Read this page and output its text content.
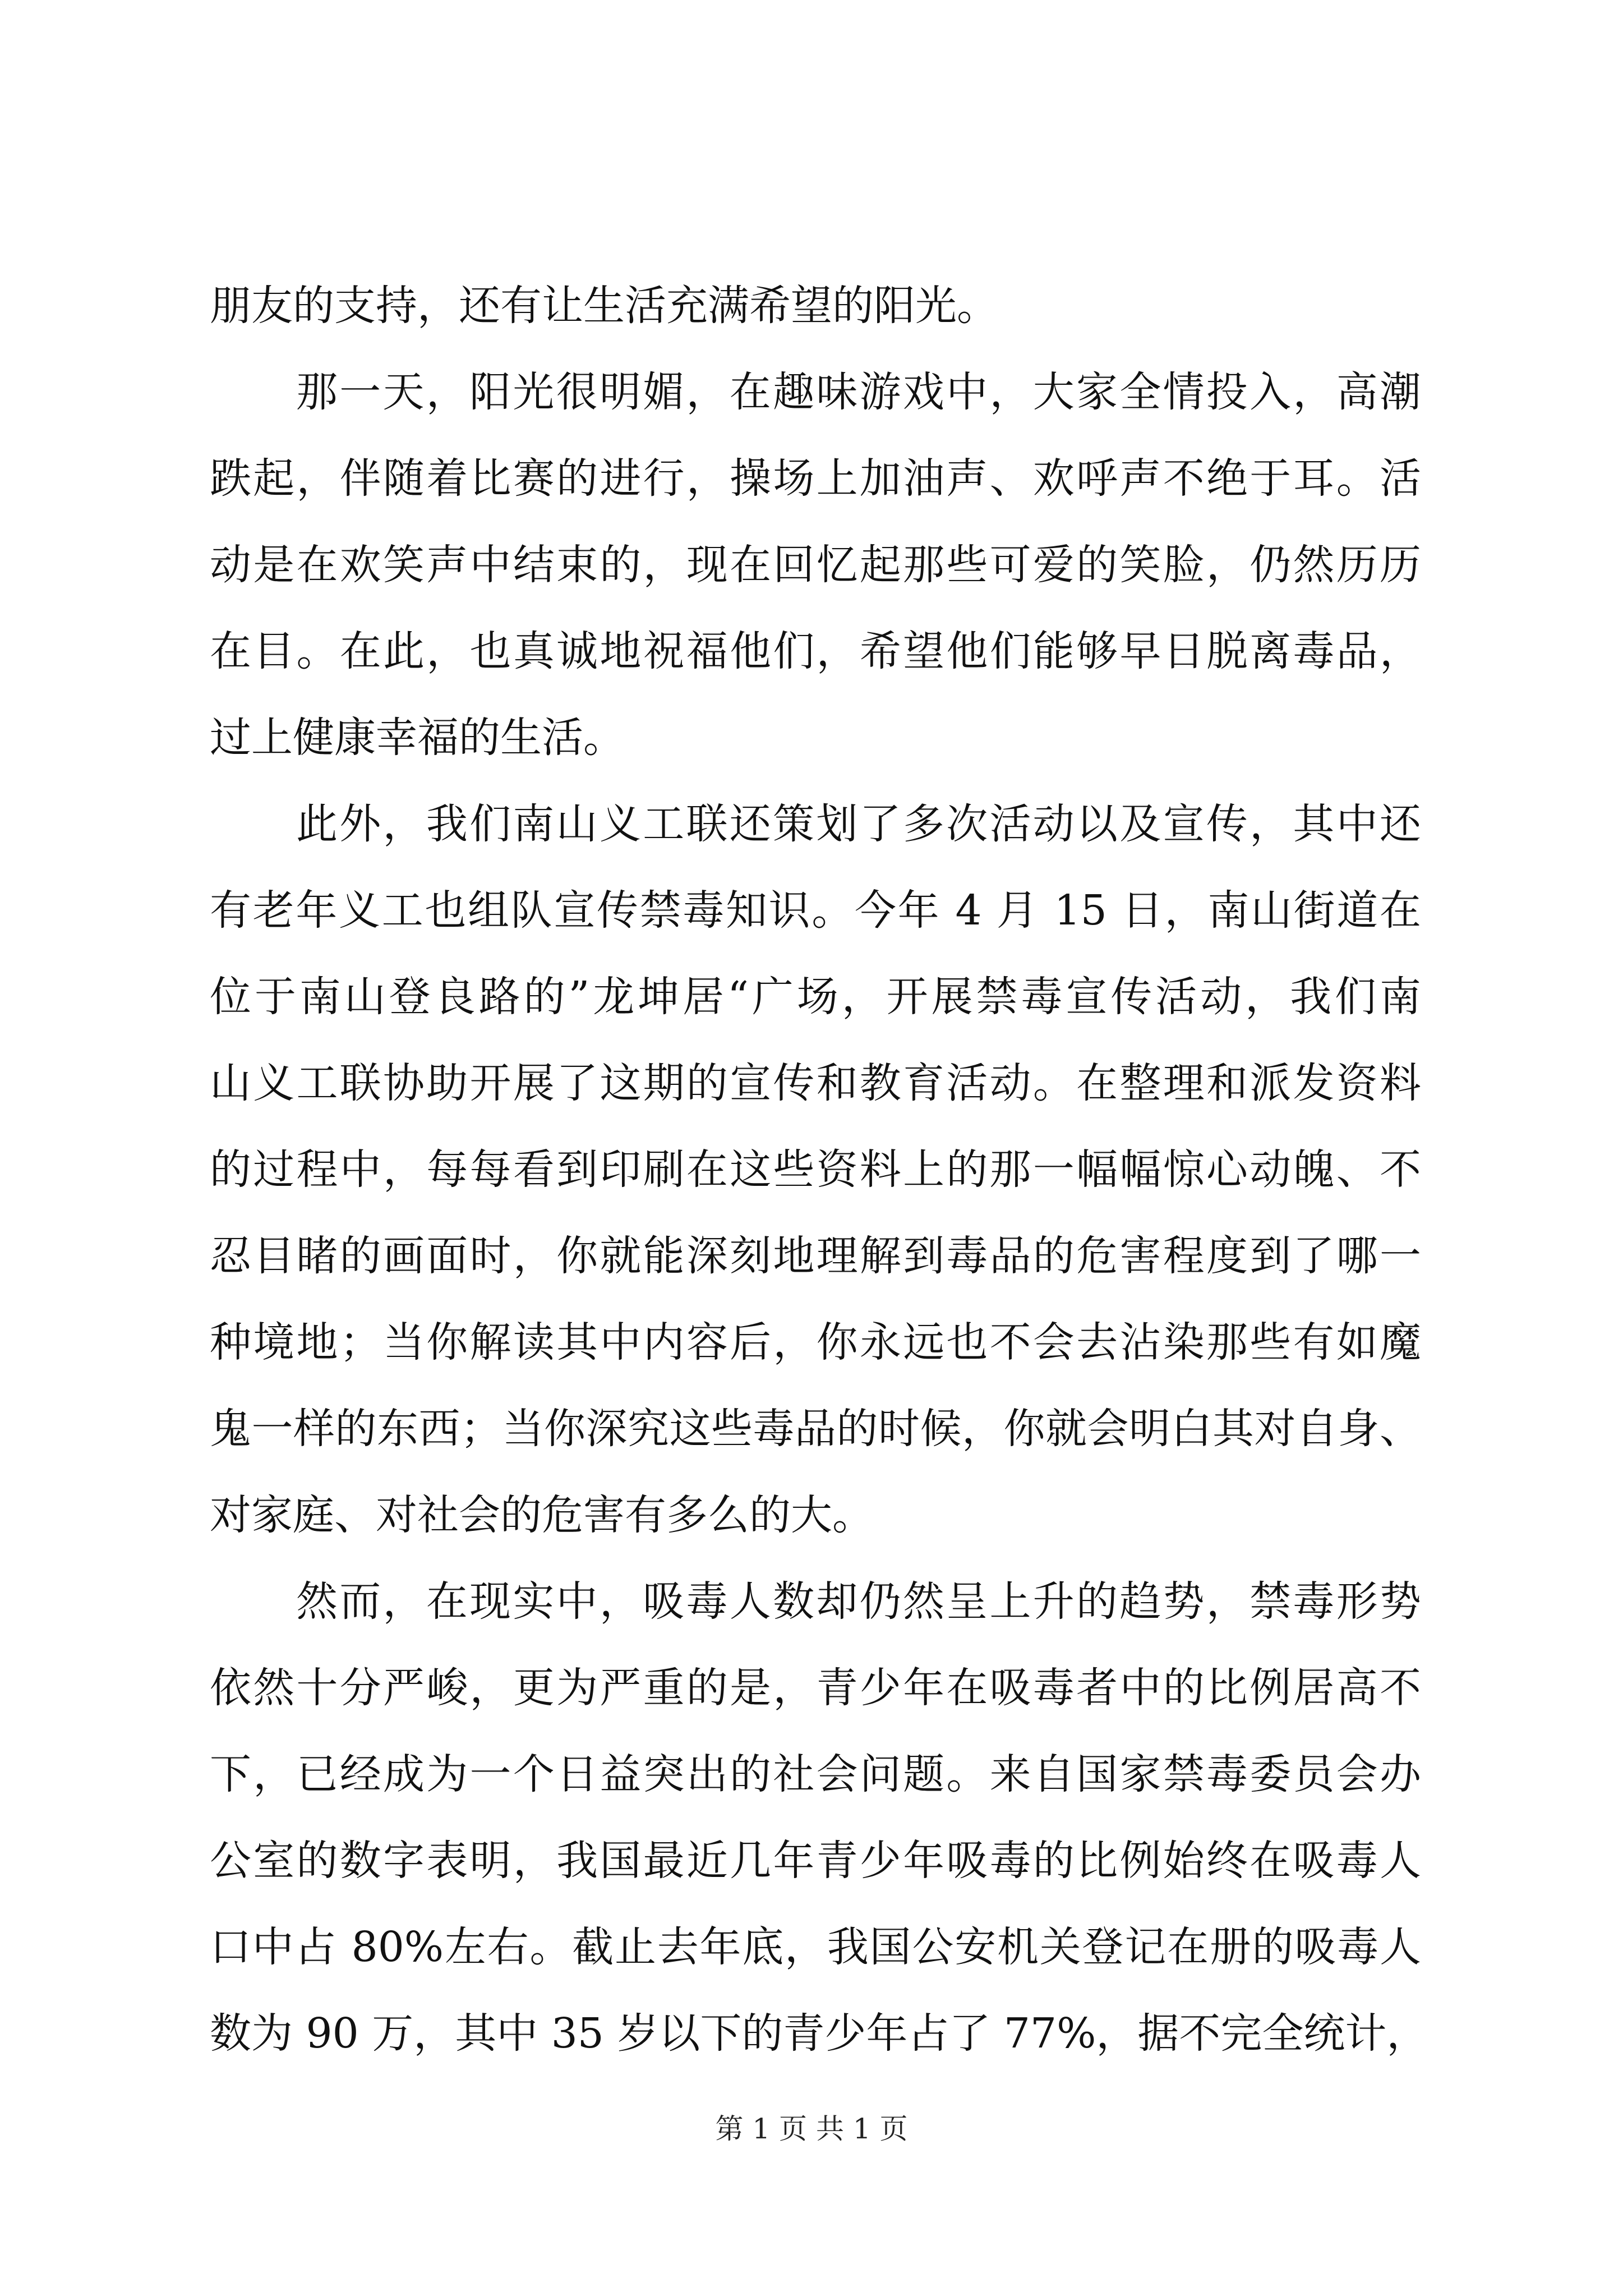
朋友的支持，还有让生活充满希望的阳光。
那一天，阳光很明媚，在趣味游戏中，大家全情投入，高潮
跌起，伴随着比赛的进行，操场上加油声、欢呼声不绝于耳。活
动是在欢笑声中结束的，现在回忆起那些可爱的笑脸，仍然历历
在目。在此，也真诚地祝福他们，希望他们能够早日脱离毒品，
过上健康幸福的生活。
此外，我们南山义工联还策划了多次活动以及宣传，其中还
有老年义工也组队宣传禁毒知识。今年 4 月 15 日，南山街道在
位于南山登良路的”龙坤居“广场，开展禁毒宣传活动，我们南
山义工联协助开展了这期的宣传和教育活动。在整理和派发资料
的过程中，每每看到印刷在这些资料上的那一幅幅惊心动魄、不
忍目睹的画面时，你就能深刻地理解到毒品的危害程度到了哪一
种境地；当你解读其中内容后，你永远也不会去沾染那些有如魔
鬼一样的东西；当你深究这些毒品的时候，你就会明白其对自身、
对家庭、对社会的危害有多么的大。
然而，在现实中，吸毒人数却仍然呈上升的趋势，禁毒形势
依然十分严峻，更为严重的是，青少年在吸毒者中的比例居高不
下，已经成为一个日益突出的社会问题。来自国家禁毒委员会办
公室的数字表明，我国最近几年青少年吸毒的比例始终在吸毒人
口中占 80%左右。截止去年底，我国公安机关登记在册的吸毒人
数为 90 万，其中 35 岁以下的青少年占了 77%，据不完全统计，
第 1 页 共 1 页
